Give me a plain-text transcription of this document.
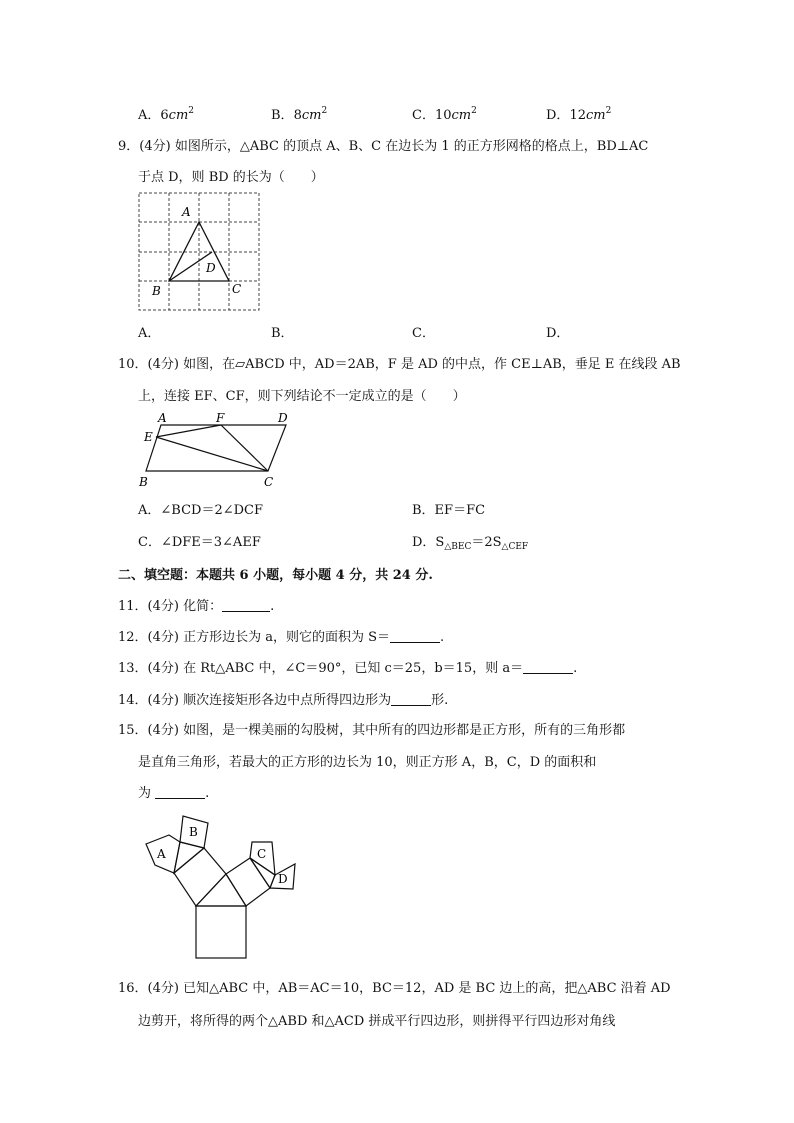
A．$6cm^2$	B．$8cm^2$	C．$10cm^2$	D．$12cm^2$
9．(4分) 如图所示，△ABC 的顶点 A、B、C 在边长为 1 的正方形网格的格点上，BD⊥AC
于点 D，则 BD 的长为（　　）
A
B	C
D
A．	B．	C．	D．
10．(4分) 如图，在▱ABCD 中，AD＝2AB，F 是 AD 的中点，作 CE⊥AB，垂足 E 在线段 AB
上，连接 EF、CF，则下列结论不一定成立的是（　　）
A	F	D
E
B	C
A．∠BCD＝2∠DCF	B．EF＝FC
C．∠DFE＝3∠AEF	D．$S_{\triangle BEC}=2S_{\triangle CEF}$
二、填空题：本题共 6 小题，每小题 4 分，共 24 分.
11．(4分) 化简：	.
12．(4分) 正方形边长为 a，则它的面积为 S＝	.
13．(4分) 在 Rt△ABC 中，∠C＝90°，已知 c＝25，b＝15，则 a＝	.
14．(4分) 顺次连接矩形各边中点所得四边形为	形.
15．(4分) 如图，是一棵美丽的勾股树，其中所有的四边形都是正方形，所有的三角形都
是直角三角形，若最大的正方形的边长为 10，则正方形 A，B，C，D 的面积和
为	.
A
B
C
D
16．(4分) 已知△ABC 中，AB＝AC＝10，BC＝12，AD 是 BC 边上的高，把△ABC 沿着 AD
边剪开，将所得的两个△ABD 和△ACD 拼成平行四边形，则拼得平行四边形对角线
